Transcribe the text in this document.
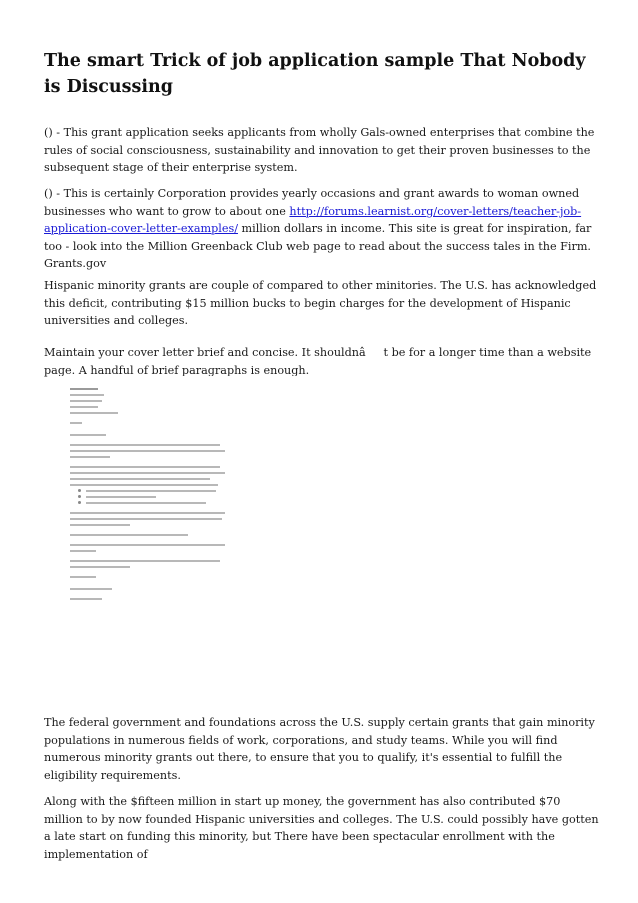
The smart Trick of job application sample That Nobody is Discussing

() - This grant application seeks applicants from wholly Gals-owned enterprises that combine the rules of social consciousness, sustainability and innovation to get their proven businesses to the subsequent stage of their enterprise system.

() - This is certainly Corporation provides yearly occasions and grant awards to woman owned businesses who want to grow to about one http://forums.learnist.org/cover-letters/teacher-job-application-cover-letter-examples/ million dollars in income. This site is great for inspiration, far too - look into the Million Greenback Club web page to read about the success tales in the Firm. Grants.gov

Hispanic minority grants are couple of compared to other minitories. The U.S. has acknowledged this deficit, contributing $15 million bucks to begin charges for the development of Hispanic universities and colleges.

Maintain your cover letter brief and concise. It shouldnât be for a longer time than a website page. A handful of brief paragraphs is enough.

The federal government and foundations across the U.S. supply certain grants that gain minority populations in numerous fields of work, corporations, and study teams. While you will find numerous minority grants out there, to ensure that you to qualify, it's essential to fulfill the eligibility requirements.

Along with the $fifteen million in start up money, the government has also contributed $70 million to by now founded Hispanic universities and colleges. The U.S. could possibly have gotten a late start on funding this minority, but There have been spectacular enrollment with the implementation of
